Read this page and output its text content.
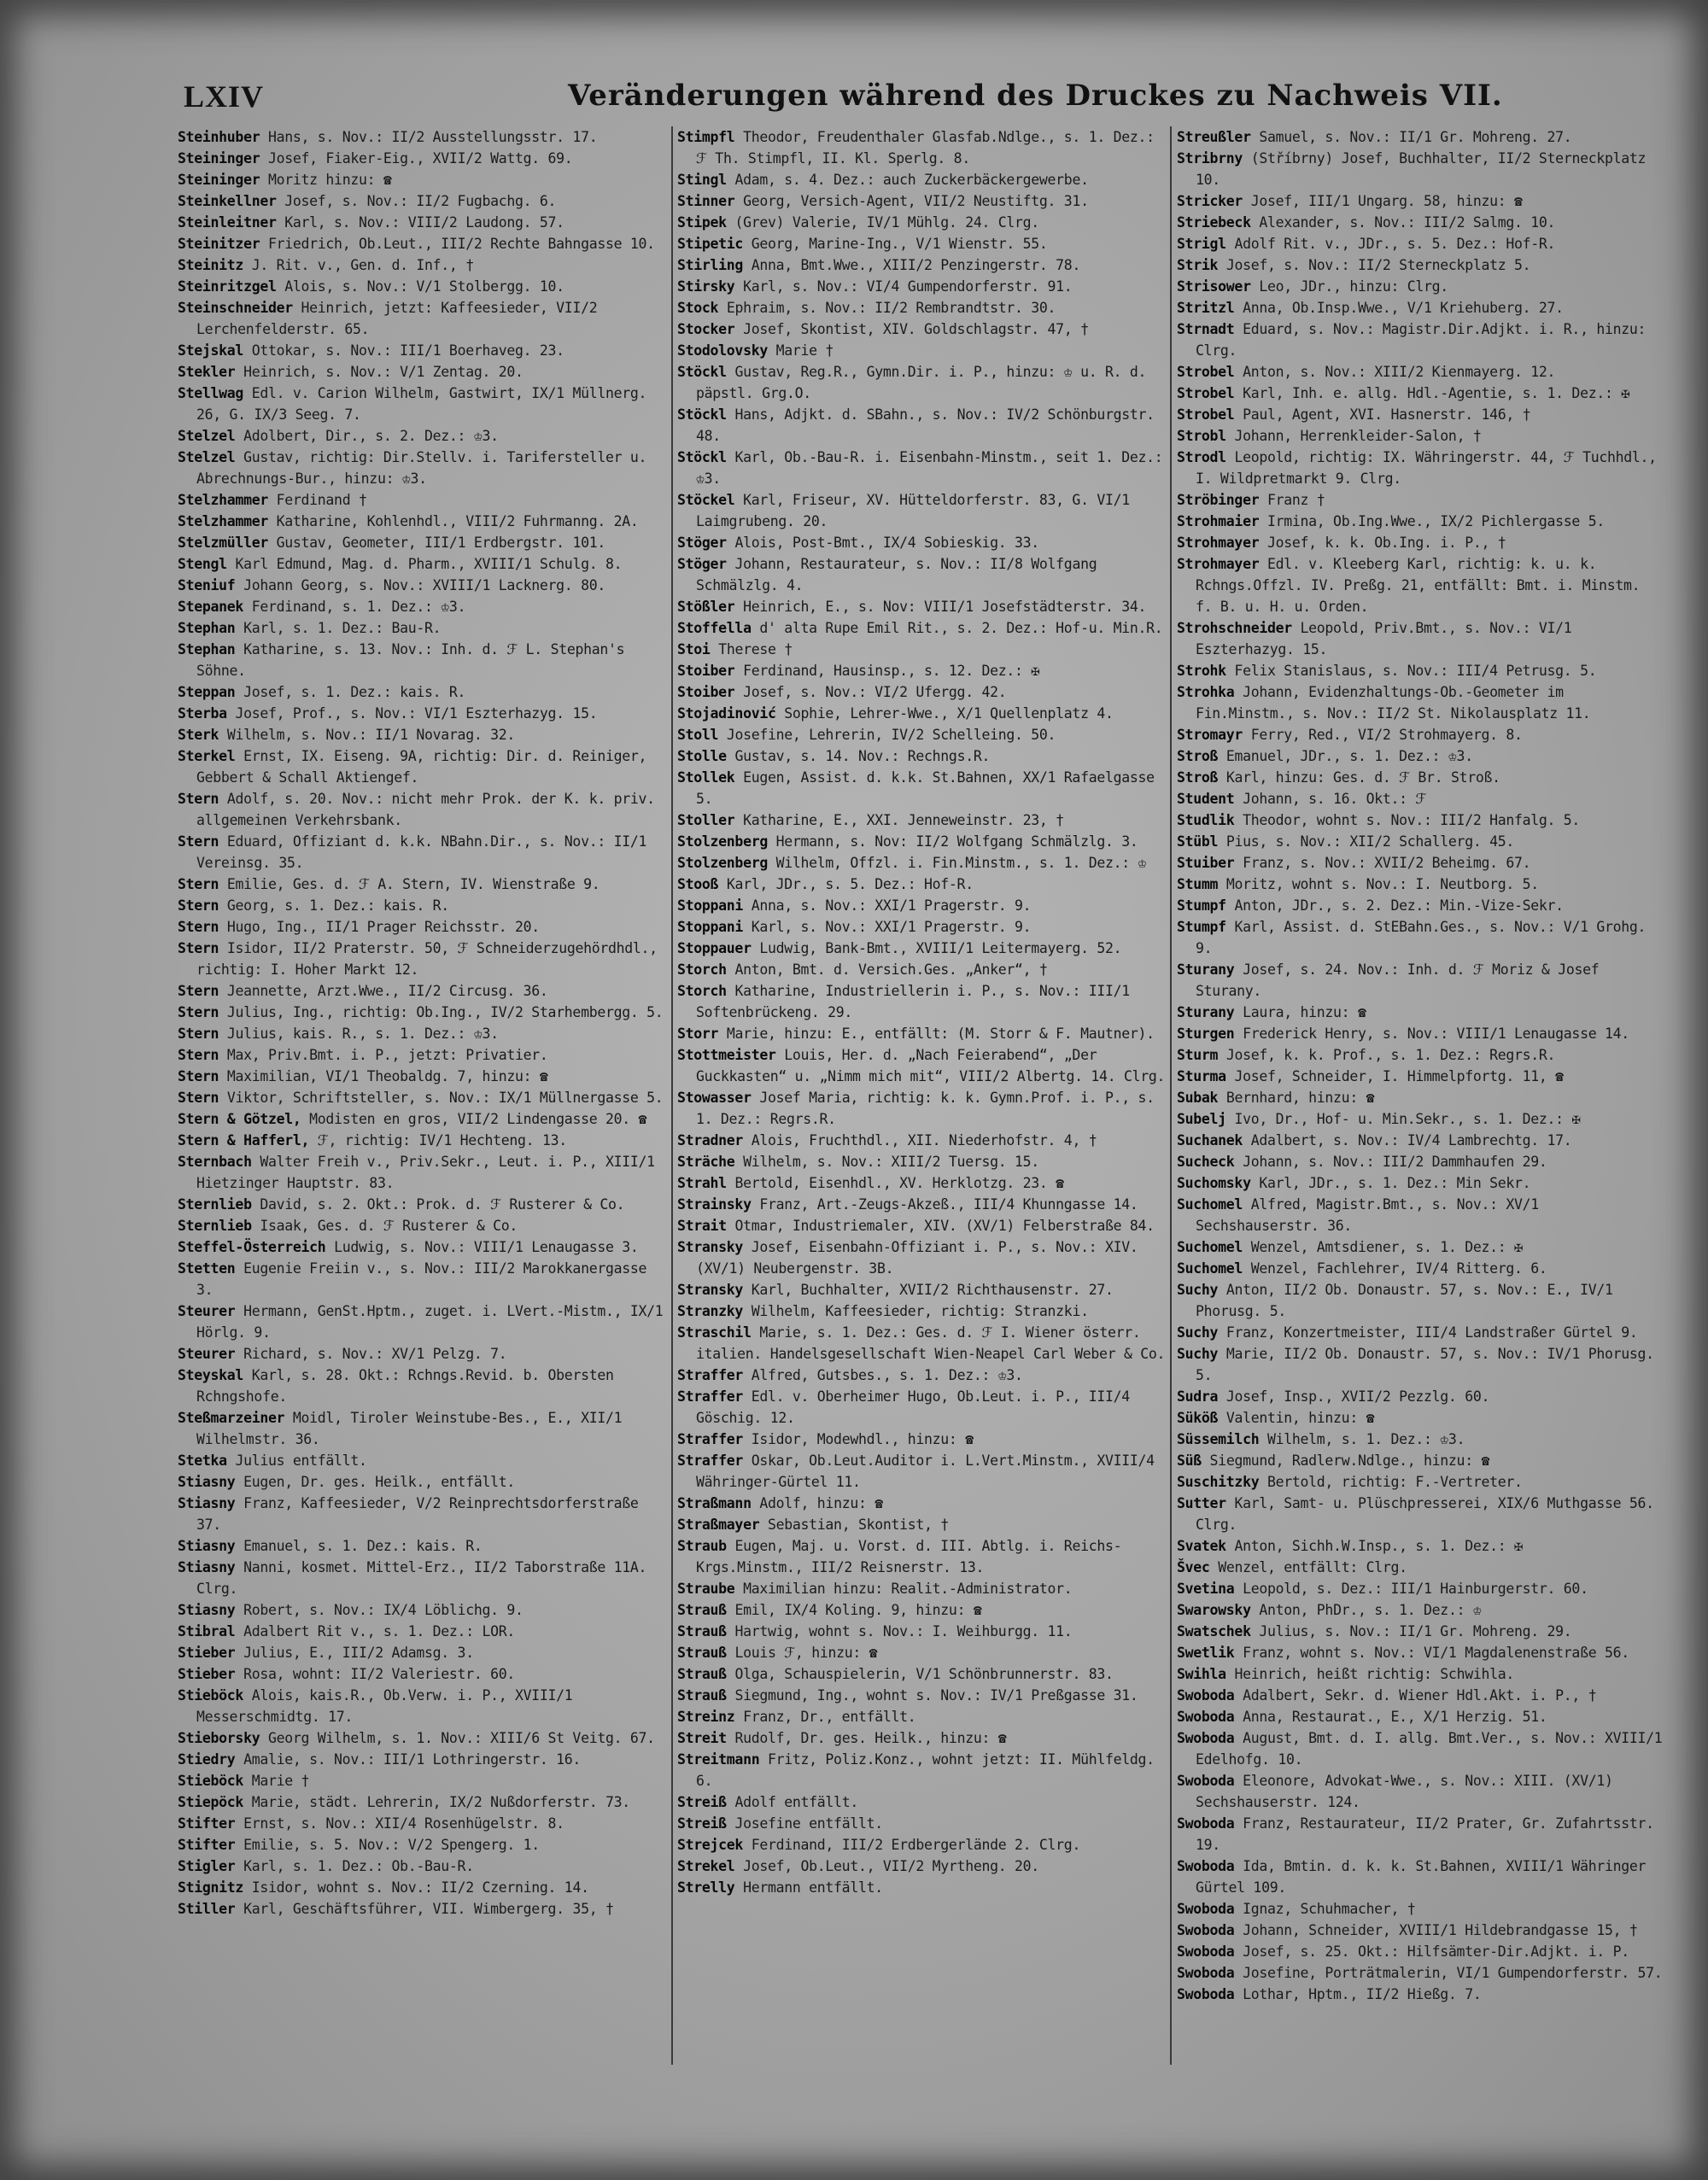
LXIV	Veränderungen während des Druckes zu Nachweis VII.

Steinhuber Hans, s. Nov.: II/2 Ausstellungsstr. 17.

Steininger Josef, Fiaker-Eig., XVII/2 Wattg. 69.

Steininger Moritz hinzu: ☎

Steinkellner Josef, s. Nov.: II/2 Fugbachg. 6.

Steinleitner Karl, s. Nov.: VIII/2 Laudong. 57.

Steinitzer Friedrich, Ob.Leut., III/2 Rechte Bahngasse 10.

Steinitz J. Rit. v., Gen. d. Inf., †

Steinritzgel Alois, s. Nov.: V/1 Stolbergg. 10.

Steinschneider Heinrich, jetzt: Kaffeesieder, VII/2 Lerchenfelderstr. 65.

Stejskal Ottokar, s. Nov.: III/1 Boerhaveg. 23.

Stekler Heinrich, s. Nov.: V/1 Zentag. 20.

Stellwag Edl. v. Carion Wilhelm, Gastwirt, IX/1 Müllnerg. 26, G. IX/3 Seeg. 7.

Stelzel Adolbert, Dir., s. 2. Dez.: ♔3.

Stelzel Gustav, richtig: Dir.Stellv. i. Tarifersteller u. Abrechnungs-Bur., hinzu: ♔3.

Stelzhammer Ferdinand †

Stelzhammer Katharine, Kohlenhdl., VIII/2 Fuhrmanng. 2A.

Stelzmüller Gustav, Geometer, III/1 Erdbergstr. 101.

Stengl Karl Edmund, Mag. d. Pharm., XVIII/1 Schulg. 8.

Steniuf Johann Georg, s. Nov.: XVIII/1 Lacknerg. 80.

Stepanek Ferdinand, s. 1. Dez.: ♔3.

Stephan Karl, s. 1. Dez.: Bau-R.

Stephan Katharine, s. 13. Nov.: Inh. d. ℱ L. Stephan's Söhne.

Steppan Josef, s. 1. Dez.: kais. R.

Sterba Josef, Prof., s. Nov.: VI/1 Eszterhazyg. 15.

Sterk Wilhelm, s. Nov.: II/1 Novarag. 32.

Sterkel Ernst, IX. Eiseng. 9A, richtig: Dir. d. Reiniger, Gebbert & Schall Aktiengef.

Stern Adolf, s. 20. Nov.: nicht mehr Prok. der K. k. priv. allgemeinen Verkehrsbank.

Stern Eduard, Offiziant d. k.k. NBahn.Dir., s. Nov.: II/1 Vereinsg. 35.

Stern Emilie, Ges. d. ℱ A. Stern, IV. Wienstraße 9.

Stern Georg, s. 1. Dez.: kais. R.

Stern Hugo, Ing., II/1 Prager Reichsstr. 20.

Stern Isidor, II/2 Praterstr. 50, ℱ Schneiderzugehördhdl., richtig: I. Hoher Markt 12.

Stern Jeannette, Arzt.Wwe., II/2 Circusg. 36.

Stern Julius, Ing., richtig: Ob.Ing., IV/2 Starhembergg. 5.

Stern Julius, kais. R., s. 1. Dez.: ♔3.

Stern Max, Priv.Bmt. i. P., jetzt: Privatier.

Stern Maximilian, VI/1 Theobaldg. 7, hinzu: ☎

Stern Viktor, Schriftsteller, s. Nov.: IX/1 Müllnergasse 5.

Stern & Götzel, Modisten en gros, VII/2 Lindengasse 20. ☎

Stern & Hafferl, ℱ, richtig: IV/1 Hechteng. 13.

Sternbach Walter Freih v., Priv.Sekr., Leut. i. P., XIII/1 Hietzinger Hauptstr. 83.

Sternlieb David, s. 2. Okt.: Prok. d. ℱ Rusterer & Co.

Sternlieb Isaak, Ges. d. ℱ Rusterer & Co.

Steffel-Österreich Ludwig, s. Nov.: VIII/1 Lenaugasse 3.

Stetten Eugenie Freiin v., s. Nov.: III/2 Marokkanergasse 3.

Steurer Hermann, GenSt.Hptm., zuget. i. LVert.-Mistm., IX/1 Hörlg. 9.

Steurer Richard, s. Nov.: XV/1 Pelzg. 7.

Steyskal Karl, s. 28. Okt.: Rchngs.Revid. b. Obersten Rchngshofe.

Steßmarzeiner Moidl, Tiroler Weinstube-Bes., E., XII/1 Wilhelmstr. 36.

Stetka Julius entfällt.

Stiasny Eugen, Dr. ges. Heilk., entfällt.

Stiasny Franz, Kaffeesieder, V/2 Reinprechtsdorferstraße 37.

Stiasny Emanuel, s. 1. Dez.: kais. R.

Stiasny Nanni, kosmet. Mittel-Erz., II/2 Taborstraße 11A. Clrg.

Stiasny Robert, s. Nov.: IX/4 Löblichg. 9.

Stibral Adalbert Rit v., s. 1. Dez.: LOR.

Stieber Julius, E., III/2 Adamsg. 3.

Stieber Rosa, wohnt: II/2 Valeriestr. 60.

Stieböck Alois, kais.R., Ob.Verw. i. P., XVIII/1 Messerschmidtg. 17.

Stieborsky Georg Wilhelm, s. 1. Nov.: XIII/6 St Veitg. 67.

Stiedry Amalie, s. Nov.: III/1 Lothringerstr. 16.

Stieböck Marie †

Stiepöck Marie, städt. Lehrerin, IX/2 Nußdorferstr. 73.

Stifter Ernst, s. Nov.: XII/4 Rosenhügelstr. 8.

Stifter Emilie, s. 5. Nov.: V/2 Spengerg. 1.

Stigler Karl, s. 1. Dez.: Ob.-Bau-R.

Stignitz Isidor, wohnt s. Nov.: II/2 Czerning. 14.

Stiller Karl, Geschäftsführer, VII. Wimbergerg. 35, †

Stimpfl Theodor, Freudenthaler Glasfab.Ndlge., s. 1. Dez.: ℱ Th. Stimpfl, II. Kl. Sperlg. 8.

Stingl Adam, s. 4. Dez.: auch Zuckerbäckergewerbe.

Stinner Georg, Versich-Agent, VII/2 Neustiftg. 31.

Stipek (Grev) Valerie, IV/1 Mühlg. 24. Clrg.

Stipetic Georg, Marine-Ing., V/1 Wienstr. 55.

Stirling Anna, Bmt.Wwe., XIII/2 Penzingerstr. 78.

Stirsky Karl, s. Nov.: VI/4 Gumpendorferstr. 91.

Stock Ephraim, s. Nov.: II/2 Rembrandtstr. 30.

Stocker Josef, Skontist, XIV. Goldschlagstr. 47, †

Stodolovsky Marie †

Stöckl Gustav, Reg.R., Gymn.Dir. i. P., hinzu: ♔ u. R. d. päpstl. Grg.O.

Stöckl Hans, Adjkt. d. SBahn., s. Nov.: IV/2 Schönburgstr. 48.

Stöckl Karl, Ob.-Bau-R. i. Eisenbahn-Minstm., seit 1. Dez.: ♔3.

Stöckel Karl, Friseur, XV. Hütteldorferstr. 83, G. VI/1 Laimgrubeng. 20.

Stöger Alois, Post-Bmt., IX/4 Sobieskig. 33.

Stöger Johann, Restaurateur, s. Nov.: II/8 Wolfgang Schmälzlg. 4.

Stößler Heinrich, E., s. Nov: VIII/1 Josefstädterstr. 34.

Stoffella d' alta Rupe Emil Rit., s. 2. Dez.: Hof-u. Min.R.

Stoi Therese †

Stoiber Ferdinand, Hausinsp., s. 12. Dez.: ✠

Stoiber Josef, s. Nov.: VI/2 Ufergg. 42.

Stojadinović Sophie, Lehrer-Wwe., X/1 Quellenplatz 4.

Stoll Josefine, Lehrerin, IV/2 Schelleing. 50.

Stolle Gustav, s. 14. Nov.: Rechngs.R.

Stollek Eugen, Assist. d. k.k. St.Bahnen, XX/1 Rafaelgasse 5.

Stoller Katharine, E., XXI. Jenneweinstr. 23, †

Stolzenberg Hermann, s. Nov: II/2 Wolfgang Schmälzlg. 3.

Stolzenberg Wilhelm, Offzl. i. Fin.Minstm., s. 1. Dez.: ♔

Stooß Karl, JDr., s. 5. Dez.: Hof-R.

Stoppani Anna, s. Nov.: XXI/1 Pragerstr. 9.

Stoppani Karl, s. Nov.: XXI/1 Pragerstr. 9.

Stoppauer Ludwig, Bank-Bmt., XVIII/1 Leitermayerg. 52.

Storch Anton, Bmt. d. Versich.Ges. „Anker“, †

Storch Katharine, Industriellerin i. P., s. Nov.: III/1 Softenbrückeng. 29.

Storr Marie, hinzu: E., entfällt: (M. Storr & F. Mautner).

Stottmeister Louis, Her. d. „Nach Feierabend“, „Der Guckkasten“ u. „Nimm mich mit“, VIII/2 Albertg. 14. Clrg.

Stowasser Josef Maria, richtig: k. k. Gymn.Prof. i. P., s. 1. Dez.: Regrs.R.

Stradner Alois, Fruchthdl., XII. Niederhofstr. 4, †

Sträche Wilhelm, s. Nov.: XIII/2 Tuersg. 15.

Strahl Bertold, Eisenhdl., XV. Herklotzg. 23. ☎

Strainsky Franz, Art.-Zeugs-Akzeß., III/4 Khunngasse 14.

Strait Otmar, Industriemaler, XIV. (XV/1) Felberstraße 84.

Stransky Josef, Eisenbahn-Offiziant i. P., s. Nov.: XIV. (XV/1) Neubergenstr. 3B.

Stransky Karl, Buchhalter, XVII/2 Richthausenstr. 27.

Stranzky Wilhelm, Kaffeesieder, richtig: Stranzki.

Straschil Marie, s. 1. Dez.: Ges. d. ℱ I. Wiener österr. italien. Handelsgesellschaft Wien-Neapel Carl Weber & Co.

Straffer Alfred, Gutsbes., s. 1. Dez.: ♔3.

Straffer Edl. v. Oberheimer Hugo, Ob.Leut. i. P., III/4 Göschig. 12.

Straffer Isidor, Modewhdl., hinzu: ☎

Straffer Oskar, Ob.Leut.Auditor i. L.Vert.Minstm., XVIII/4 Währinger-Gürtel 11.

Straßmann Adolf, hinzu: ☎

Straßmayer Sebastian, Skontist, †

Straub Eugen, Maj. u. Vorst. d. III. Abtlg. i. Reichs-Krgs.Minstm., III/2 Reisnerstr. 13.

Straube Maximilian hinzu: Realit.-Administrator.

Strauß Emil, IX/4 Koling. 9, hinzu: ☎

Strauß Hartwig, wohnt s. Nov.: I. Weihburgg. 11.

Strauß Louis ℱ, hinzu: ☎

Strauß Olga, Schauspielerin, V/1 Schönbrunnerstr. 83.

Strauß Siegmund, Ing., wohnt s. Nov.: IV/1 Preßgasse 31.

Streinz Franz, Dr., entfällt.

Streit Rudolf, Dr. ges. Heilk., hinzu: ☎

Streitmann Fritz, Poliz.Konz., wohnt jetzt: II. Mühlfeldg. 6.

Streiß Adolf entfällt.

Streiß Josefine entfällt.

Strejcek Ferdinand, III/2 Erdbergerlände 2. Clrg.

Strekel Josef, Ob.Leut., VII/2 Myrtheng. 20.

Strelly Hermann entfällt.

Streußler Samuel, s. Nov.: II/1 Gr. Mohreng. 27.

Stribrny (Stříbrny) Josef, Buchhalter, II/2 Sterneckplatz 10.

Stricker Josef, III/1 Ungarg. 58, hinzu: ☎

Striebeck Alexander, s. Nov.: III/2 Salmg. 10.

Strigl Adolf Rit. v., JDr., s. 5. Dez.: Hof-R.

Strik Josef, s. Nov.: II/2 Sterneckplatz 5.

Strisower Leo, JDr., hinzu: Clrg.

Stritzl Anna, Ob.Insp.Wwe., V/1 Kriehuberg. 27.

Strnadt Eduard, s. Nov.: Magistr.Dir.Adjkt. i. R., hinzu: Clrg.

Strobel Anton, s. Nov.: XIII/2 Kienmayerg. 12.

Strobel Karl, Inh. e. allg. Hdl.-Agentie, s. 1. Dez.: ✠

Strobel Paul, Agent, XVI. Hasnerstr. 146, †

Strobl Johann, Herrenkleider-Salon, †

Strodl Leopold, richtig: IX. Währingerstr. 44, ℱ Tuchhdl., I. Wildpretmarkt 9. Clrg.

Ströbinger Franz †

Strohmaier Irmina, Ob.Ing.Wwe., IX/2 Pichlergasse 5.

Strohmayer Josef, k. k. Ob.Ing. i. P., †

Strohmayer Edl. v. Kleeberg Karl, richtig: k. u. k. Rchngs.Offzl. IV. Preßg. 21, entfällt: Bmt. i. Minstm. f. B. u. H. u. Orden.

Strohschneider Leopold, Priv.Bmt., s. Nov.: VI/1 Eszterhazyg. 15.

Strohk Felix Stanislaus, s. Nov.: III/4 Petrusg. 5.

Strohka Johann, Evidenzhaltungs-Ob.-Geometer im Fin.Minstm., s. Nov.: II/2 St. Nikolausplatz 11.

Stromayr Ferry, Red., VI/2 Strohmayerg. 8.

Stroß Emanuel, JDr., s. 1. Dez.: ♔3.

Stroß Karl, hinzu: Ges. d. ℱ Br. Stroß.

Student Johann, s. 16. Okt.: ℱ

Studlik Theodor, wohnt s. Nov.: III/2 Hanfalg. 5.

Stübl Pius, s. Nov.: XII/2 Schallerg. 45.

Stuiber Franz, s. Nov.: XVII/2 Beheimg. 67.

Stumm Moritz, wohnt s. Nov.: I. Neutborg. 5.

Stumpf Anton, JDr., s. 2. Dez.: Min.-Vize-Sekr.

Stumpf Karl, Assist. d. StEBahn.Ges., s. Nov.: V/1 Grohg. 9.

Sturany Josef, s. 24. Nov.: Inh. d. ℱ Moriz & Josef Sturany.

Sturany Laura, hinzu: ☎

Sturgen Frederick Henry, s. Nov.: VIII/1 Lenaugasse 14.

Sturm Josef, k. k. Prof., s. 1. Dez.: Regrs.R.

Sturma Josef, Schneider, I. Himmelpfortg. 11, ☎

Subak Bernhard, hinzu: ☎

Subelj Ivo, Dr., Hof- u. Min.Sekr., s. 1. Dez.: ✠

Suchanek Adalbert, s. Nov.: IV/4 Lambrechtg. 17.

Sucheck Johann, s. Nov.: III/2 Dammhaufen 29.

Suchomsky Karl, JDr., s. 1. Dez.: Min Sekr.

Suchomel Alfred, Magistr.Bmt., s. Nov.: XV/1 Sechshauserstr. 36.

Suchomel Wenzel, Amtsdiener, s. 1. Dez.: ✠

Suchomel Wenzel, Fachlehrer, IV/4 Ritterg. 6.

Suchy Anton, II/2 Ob. Donaustr. 57, s. Nov.: E., IV/1 Phorusg. 5.

Suchy Franz, Konzertmeister, III/4 Landstraßer Gürtel 9.

Suchy Marie, II/2 Ob. Donaustr. 57, s. Nov.: IV/1 Phorusg. 5.

Sudra Josef, Insp., XVII/2 Pezzlg. 60.

Süköß Valentin, hinzu: ☎

Süssemilch Wilhelm, s. 1. Dez.: ♔3.

Süß Siegmund, Radlerw.Ndlge., hinzu: ☎

Suschitzky Bertold, richtig: F.-Vertreter.

Sutter Karl, Samt- u. Plüschpresserei, XIX/6 Muthgasse 56. Clrg.

Svatek Anton, Sichh.W.Insp., s. 1. Dez.: ✠

Švec Wenzel, entfällt: Clrg.

Svetina Leopold, s. Dez.: III/1 Hainburgerstr. 60.

Swarowsky Anton, PhDr., s. 1. Dez.: ♔

Swatschek Julius, s. Nov.: II/1 Gr. Mohreng. 29.

Swetlik Franz, wohnt s. Nov.: VI/1 Magdalenenstraße 56.

Swihla Heinrich, heißt richtig: Schwihla.

Swoboda Adalbert, Sekr. d. Wiener Hdl.Akt. i. P., †

Swoboda Anna, Restaurat., E., X/1 Herzig. 51.

Swoboda August, Bmt. d. I. allg. Bmt.Ver., s. Nov.: XVIII/1 Edelhofg. 10.

Swoboda Eleonore, Advokat-Wwe., s. Nov.: XIII. (XV/1) Sechshauserstr. 124.

Swoboda Franz, Restaurateur, II/2 Prater, Gr. Zufahrtsstr. 19.

Swoboda Ida, Bmtin. d. k. k. St.Bahnen, XVIII/1 Währinger Gürtel 109.

Swoboda Ignaz, Schuhmacher, †

Swoboda Johann, Schneider, XVIII/1 Hildebrandgasse 15, †

Swoboda Josef, s. 25. Okt.: Hilfsämter-Dir.Adjkt. i. P.

Swoboda Josefine, Porträtmalerin, VI/1 Gumpendorferstr. 57.

Swoboda Lothar, Hptm., II/2 Hießg. 7.
